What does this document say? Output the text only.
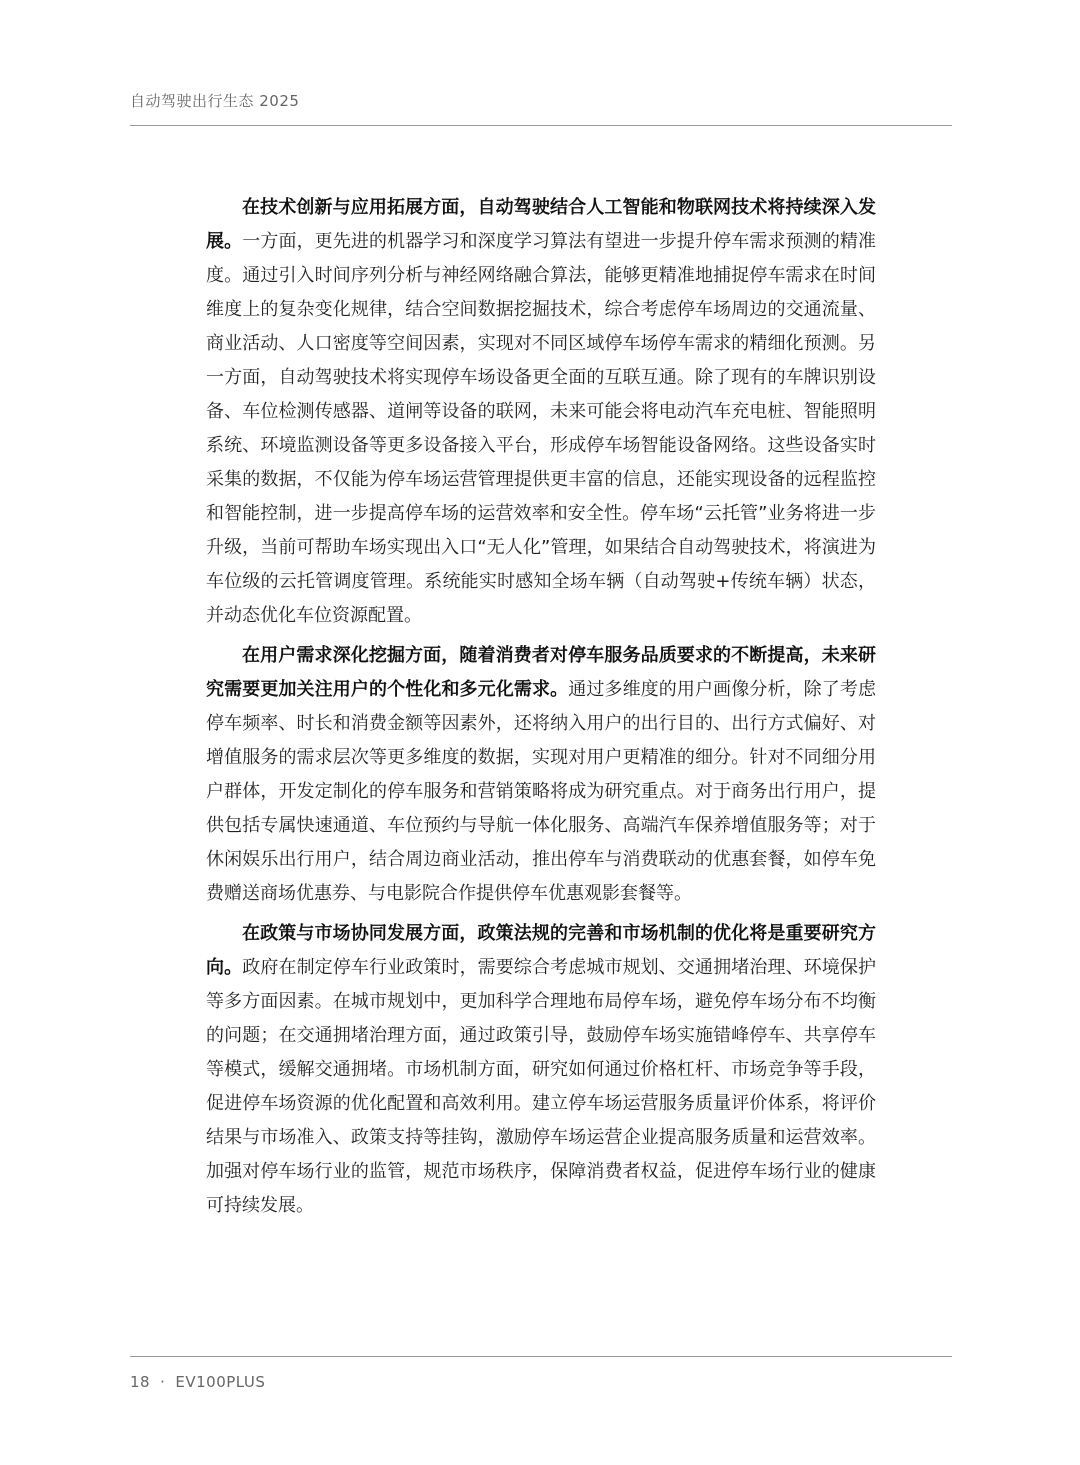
自动驾驶出行生态 2025

在技术创新与应用拓展方面，自动驾驶结合人工智能和物联网技术将持续深入发展。一方面，更先进的机器学习和深度学习算法有望进一步提升停车需求预测的精准度。通过引入时间序列分析与神经网络融合算法，能够更精准地捕捉停车需求在时间维度上的复杂变化规律，结合空间数据挖掘技术，综合考虑停车场周边的交通流量、商业活动、人口密度等空间因素，实现对不同区域停车场停车需求的精细化预测。另一方面，自动驾驶技术将实现停车场设备更全面的互联互通。除了现有的车牌识别设备、车位检测传感器、道闸等设备的联网，未来可能会将电动汽车充电桩、智能照明系统、环境监测设备等更多设备接入平台，形成停车场智能设备网络。这些设备实时采集的数据，不仅能为停车场运营管理提供更丰富的信息，还能实现设备的远程监控和智能控制，进一步提高停车场的运营效率和安全性。停车场“云托管”业务将进一步升级，当前可帮助车场实现出入口“无人化”管理，如果结合自动驾驶技术，将演进为车位级的云托管调度管理。系统能实时感知全场车辆（自动驾驶+传统车辆）状态，并动态优化车位资源配置。

在用户需求深化挖掘方面，随着消费者对停车服务品质要求的不断提高，未来研究需要更加关注用户的个性化和多元化需求。通过多维度的用户画像分析，除了考虑停车频率、时长和消费金额等因素外，还将纳入用户的出行目的、出行方式偏好、对增值服务的需求层次等更多维度的数据，实现对用户更精准的细分。针对不同细分用户群体，开发定制化的停车服务和营销策略将成为研究重点。对于商务出行用户，提供包括专属快速通道、车位预约与导航一体化服务、高端汽车保养增值服务等；对于休闲娱乐出行用户，结合周边商业活动，推出停车与消费联动的优惠套餐，如停车免费赠送商场优惠券、与电影院合作提供停车优惠观影套餐等。

在政策与市场协同发展方面，政策法规的完善和市场机制的优化将是重要研究方向。政府在制定停车行业政策时，需要综合考虑城市规划、交通拥堵治理、环境保护等多方面因素。在城市规划中，更加科学合理地布局停车场，避免停车场分布不均衡的问题；在交通拥堵治理方面，通过政策引导，鼓励停车场实施错峰停车、共享停车等模式，缓解交通拥堵。市场机制方面，研究如何通过价格杠杆、市场竞争等手段，促进停车场资源的优化配置和高效利用。建立停车场运营服务质量评价体系，将评价结果与市场准入、政策支持等挂钩，激励停车场运营企业提高服务质量和运营效率。加强对停车场行业的监管，规范市场秩序，保障消费者权益，促进停车场行业的健康可持续发展。

18 · EV100PLUS
